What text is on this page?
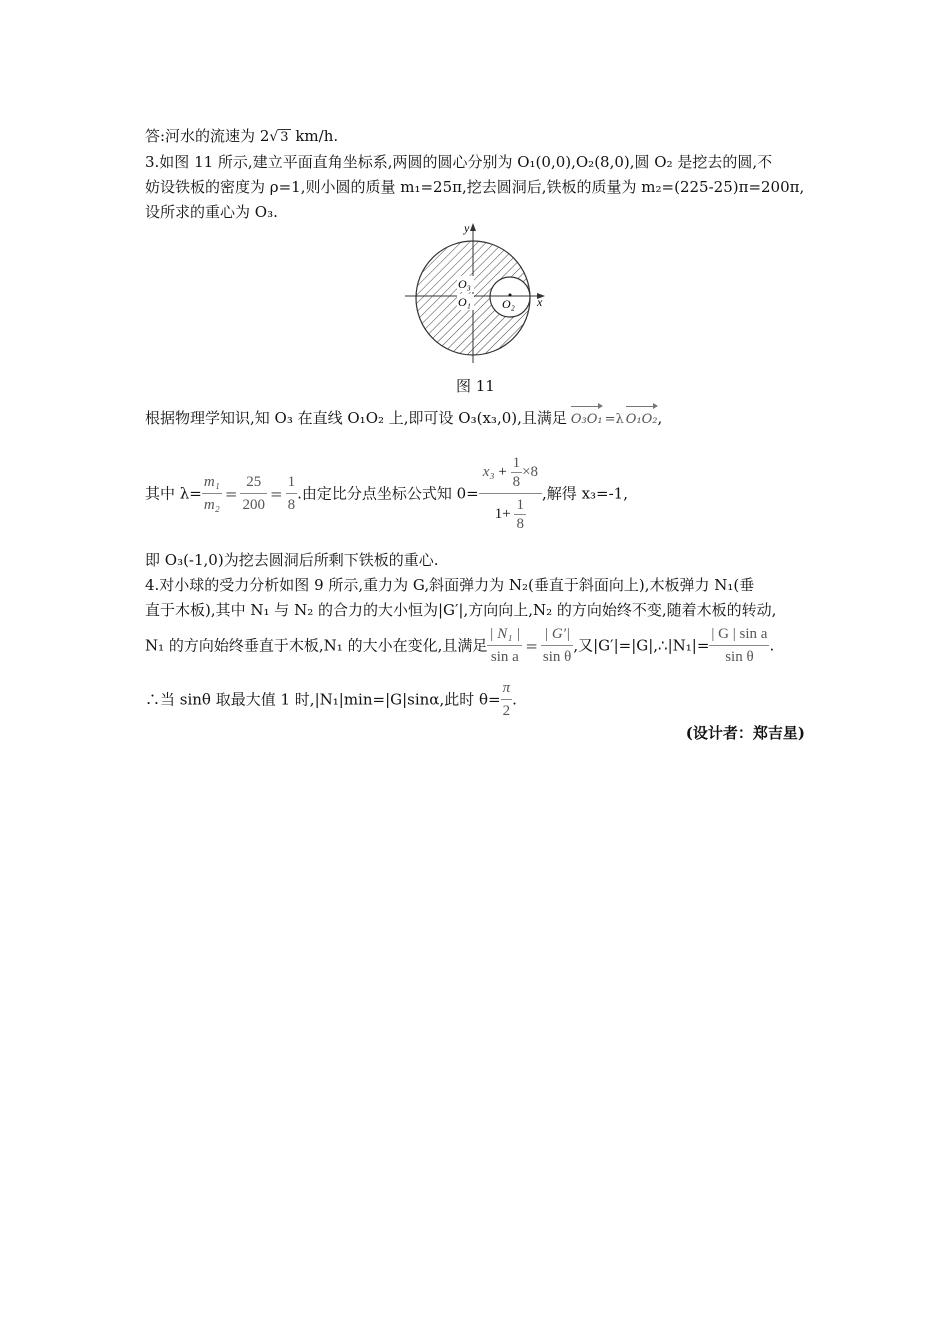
答:河水的流速为 2√ 3 km/h.
3.如图 11 所示,建立平面直角坐标系,两圆的圆心分别为 O₁(0,0),O₂(8,0),圆 O₂ 是挖去的圆,不
妨设铁板的密度为 ρ=1,则小圆的质量 m₁=25π,挖去圆洞后,铁板的质量为 m₂=(225-25)π=200π,
设所求的重心为 O₃.
y
x
O₃
O₁	O₂
图 11
根据物理学知识,知 O₃ 在直线 O₁O₂ 上,即可设 O₃(x₃,0),且满足 O₃O₁ =λ O₁O₂,
其中 $\lambda= \frac{\text{m₁}}{\text{m₂}} = \frac{25}{200} = \frac{1}{8}$ .由定比分点坐标公式知 $0= \frac{x_3 + \frac{1}{8} \times 8}{1+ \frac{1}{8}}$ ,解得 x₃=-1,
即 O₃(-1,0)为挖去圆洞后所剩下铁板的重心.
4.对小球的受力分析如图 9 所示,重力为 G,斜面弹力为 N₂(垂直于斜面向上),木板弹力 N₁(垂
直于木板),其中 N₁ 与 N₂ 的合力的大小恒为|G′|,方向向上,N₂ 的方向始终不变,随着木板的转动,
N₁ 的方向始终垂直于木板,N₁ 的大小在变化,且满足 $\frac{\text{| N₁ |}}{\text{sin a}} = \frac{| G'|}{\text{sin θ}}$ ,又|G′|=|G|,∴|N₁|= $\frac{\text{| G | sin a}}{\text{sin θ}}$ .
∴当 sinθ 取最大值 1 时,|N₁|min=|G|sinα,此时 $\theta= \frac{\pi}{2}$ .
(设计者：郑吉星)
